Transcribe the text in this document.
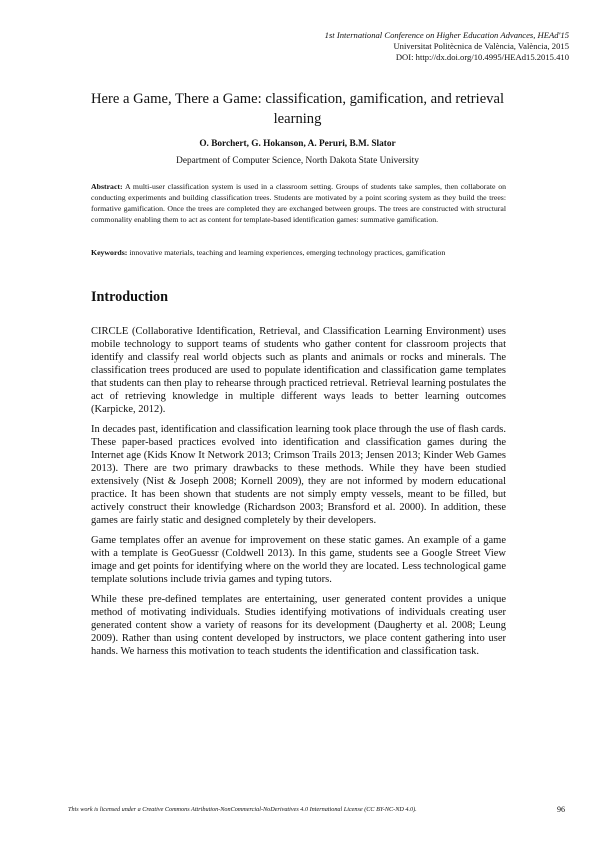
1st International Conference on Higher Education Advances, HEAd'15
Universitat Politècnica de València, València, 2015
DOI: http://dx.doi.org/10.4995/HEAd15.2015.410
Here a Game, There a Game: classification, gamification, and retrieval learning
O. Borchert, G. Hokanson, A. Peruri, B.M. Slator
Department of Computer Science, North Dakota State University

Abstract: A multi-user classification system is used in a classroom setting. Groups of students take samples, then collaborate on conducting experiments and building classification trees. Students are motivated by a point scoring system as they build the trees: formative gamification. Once the trees are completed they are exchanged between groups. The trees are constructed with structural commonality enabling them to act as content for template-based identification games: summative gamification.

Keywords: innovative materials, teaching and learning experiences, emerging technology practices, gamification

Introduction

CIRCLE (Collaborative Identification, Retrieval, and Classification Learning Environment) uses mobile technology to support teams of students who gather content for classroom projects that identify and classify real world objects such as plants and animals or rocks and minerals. The classification trees produced are used to populate identification and classification game templates that students can then play to rehearse through practiced retrieval. Retrieval learning postulates the act of retrieving knowledge in multiple different ways leads to better learning outcomes (Karpicke, 2012).

In decades past, identification and classification learning took place through the use of flash cards. These paper-based practices evolved into identification and classification games during the Internet age (Kids Know It Network 2013; Crimson Trails 2013; Jensen 2013; Kinder Web Games 2013). There are two primary drawbacks to these methods. While they have been studied extensively (Nist & Joseph 2008; Kornell 2009), they are not informed by modern educational practice. It has been shown that students are not simply empty vessels, meant to be filled, but actively construct their knowledge (Richardson 2003; Bransford et al. 2000). In addition, these games are fairly static and designed completely by their developers.

Game templates offer an avenue for improvement on these static games. An example of a game with a template is GeoGuessr (Coldwell 2013). In this game, students see a Google Street View image and get points for identifying where on the world they are located. Less technological game template solutions include trivia games and typing tutors.

While these pre-defined templates are entertaining, user generated content provides a unique method of motivating individuals. Studies identifying motivations of individuals creating user generated content show a variety of reasons for its development (Daugherty et al. 2008; Leung 2009). Rather than using content developed by instructors, we place content gathering into user hands. We harness this motivation to teach students the identification and classification task.

This work is licensed under a Creative Commons Attribution-NonCommercial-NoDerivatives 4.0 International License (CC BY-NC-ND 4.0).	96
